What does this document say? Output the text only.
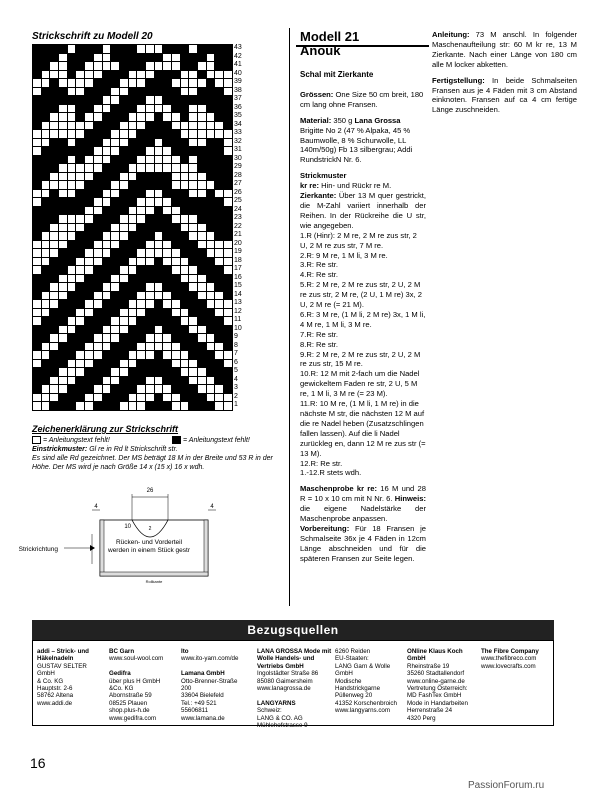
Strickschrift zu Modell 20
43
42
41
40
39
38
37
36
35
34
33
32
31
30
29
28
27
26
25
24
23
22
21
20
19
18
17
16
15
14
13
12
11
10
9
8
7
6
5
4
3
2
1
Zeichenerklärung zur Strickschrift
= Anleitungstext fehlt!	= Anleitungstext fehlt!
Einstrickmuster: Gl re in Rd lt Strickschrift str.
Es sind alle Rd gezeichnet. Der MS beträgt 18 M in der Breite und 53 R in der Höhe. Der MS wird je nach Größe 14 x (15 x) 16 x wdh.
26
4	4
10	2
Strickrichtung
Rollkante
Rücken- und Vorderteil werden in einem Stück gestr
Modell 21
Anouk
Schal mit Zierkante

Grössen: One Size 50 cm breit, 180 cm lang ohne Fransen.

Material: 350 g Lana Grossa Brigitte No 2 (47 % Alpaka, 45 % Baumwolle, 8 % Schurwolle, LL 140m/50g) Fb 13 silbergrau; Addi RundstrickN Nr. 6.

Strickmuster

kr re: Hin- und Rückr re M.

Zierkante: Über 13 M quer gestrickt, die M-Zahl variiert innerhalb der Reihen. In der Rückreihe die U str, wie angegeben.

1.R (Hinr): 2 M re, 2 M re zus str, 2 U, 2 M re zus str, 7 M re.

2.R: 9 M re, 1 M li, 3 M re.

3.R: Re str.

4.R: Re str.

5.R: 2 M re, 2 M re zus str, 2 U, 2 M re zus str, 2 M re, (2 U, 1 M re) 3x, 2 U, 2 M re (= 21 M).

6.R: 3 M re, (1 M li, 2 M re) 3x, 1 M li, 4 M re, 1 M li, 3 M re.

7.R: Re str.

8.R: Re str.

9.R: 2 M re, 2 M re zus str, 2 U, 2 M re zus str, 15 M re.

10.R: 12 M mit 2-fach um die Nadel gewickeltem Faden re str, 2 U, 5 M re, 1 M li, 3 M re (= 23 M).

11.R: 10 M re, (1 M li, 1 M re) in die nächste M str, die nächsten 12 M auf die re Nadel heben (Zusatzschlingen fallen lassen). Auf die li Nadel zurückleg en, dann 12 M re zus str (= 13 M).

12.R: Re str.

1.-12.R stets wdh.

Maschenprobe kr re: 16 M und 28 R = 10 x 10 cm mit N Nr. 6. Hinweis: die eigene Nadelstärke der Maschenprobe anpassen.

Vorbereitung: Für 18 Fransen je Schmalseite 36x je 4 Fäden in 12cm Länge abschneiden und für die späteren Fransen zur Seite legen.

Anleitung: 73 M anschl. In folgender Maschenaufteilung str: 60 M kr re, 13 M Zierkante. Nach einer Länge von 180 cm alle M locker abketten.

Fertigstellung: In beide Schmalseiten Fransen aus je 4 Fäden mit 3 cm Abstand einknoten. Fransen auf ca 4 cm fertige Länge zuschneiden.

Bezugsquellen
addi – Strick- und Häkelnadeln
GUSTAV SELTER GmbH
& Co. KG
Hauptstr. 2-6
58762 Altena
www.addi.de
BC Garn
www.soul-wool.com

Gedifra
über plus H GmbH
&Co. KG
Abornstraße 59
08525 Plauen
shop.plus-h.de
www.gedifra.com
Ito
www.ito-yarn.com/de

Lamana GmbH
Otto-Brenner-Straße
200
33604 Bielefeld
Tel.: +49 521
55606811
www.lamana.de
LANA GROSSA Mode mit Wolle Handels- und Vertriebs GmbH
Ingolstädter Straße 86
85080 Gaimersheim
www.lanagrossa.de

LANGYARNS
Schweiz:
LANG & CO. AG
Mühlehofstrasse 9
6260 Reiden
EU-Staaten:
LANG Garn & Wolle
GmbH
Modische
Handstrickgarne
Püllenweg 20
41352 Korschenbroich
www.langyarns.com
ONline Klaus Koch GmbH
Rheinstraße 19
35260 Stadtallendorf
www.online-garne.de
Vertretung Österreich:
MD FashTex GmbH
Mode in Handarbeiten
Herrenstraße 24
4320 Perg
The Fibre Company
www.thefibreco.com
www.lovecrafts.com
16
PassionForum.ru
